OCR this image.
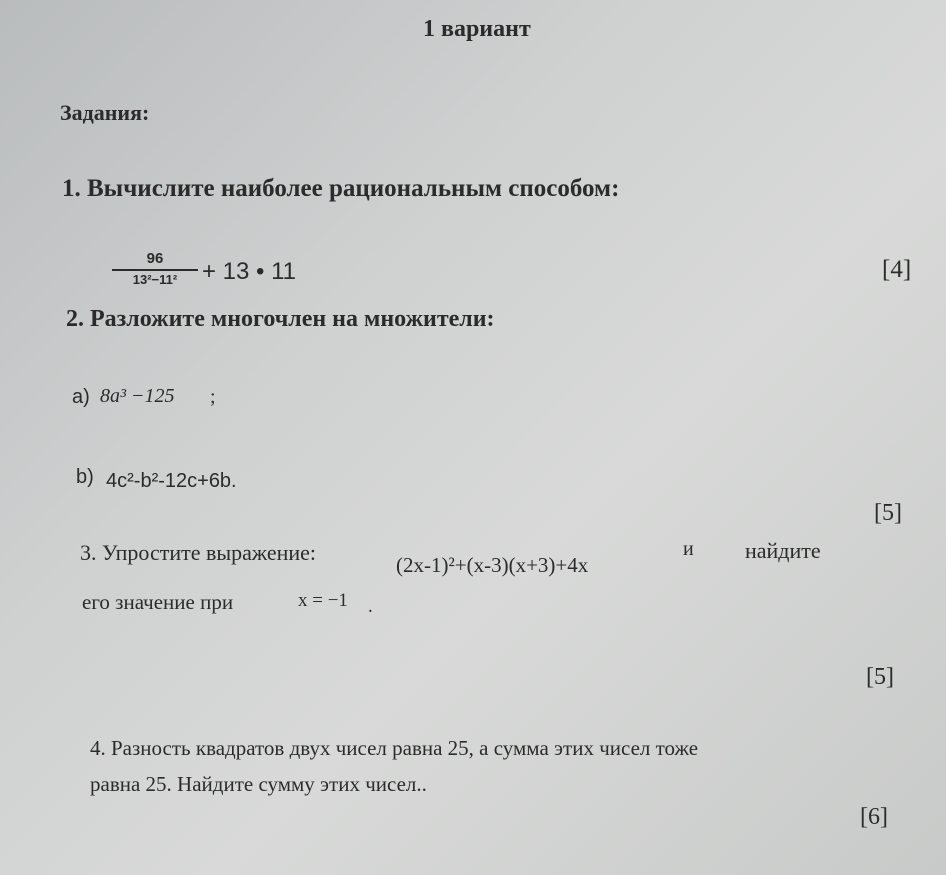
1 вариант
Задания:
1. Вычислите наиболее рациональным способом:
96
13²−11²	+ 13 • 11	[4]
2. Разложите многочлен на множители:
а) 8a³ −125 ;
b) 4c²-b²-12c+6b.
[5]
3. Упростите выражение:	(2x-1)²+(x-3)(x+3)+4x
и найдите
его значение при	x = −1 .
[5]
4. Разность квадратов двух чисел равна 25, а сумма этих чисел тоже
равна 25. Найдите сумму этих чисел..
[6]
